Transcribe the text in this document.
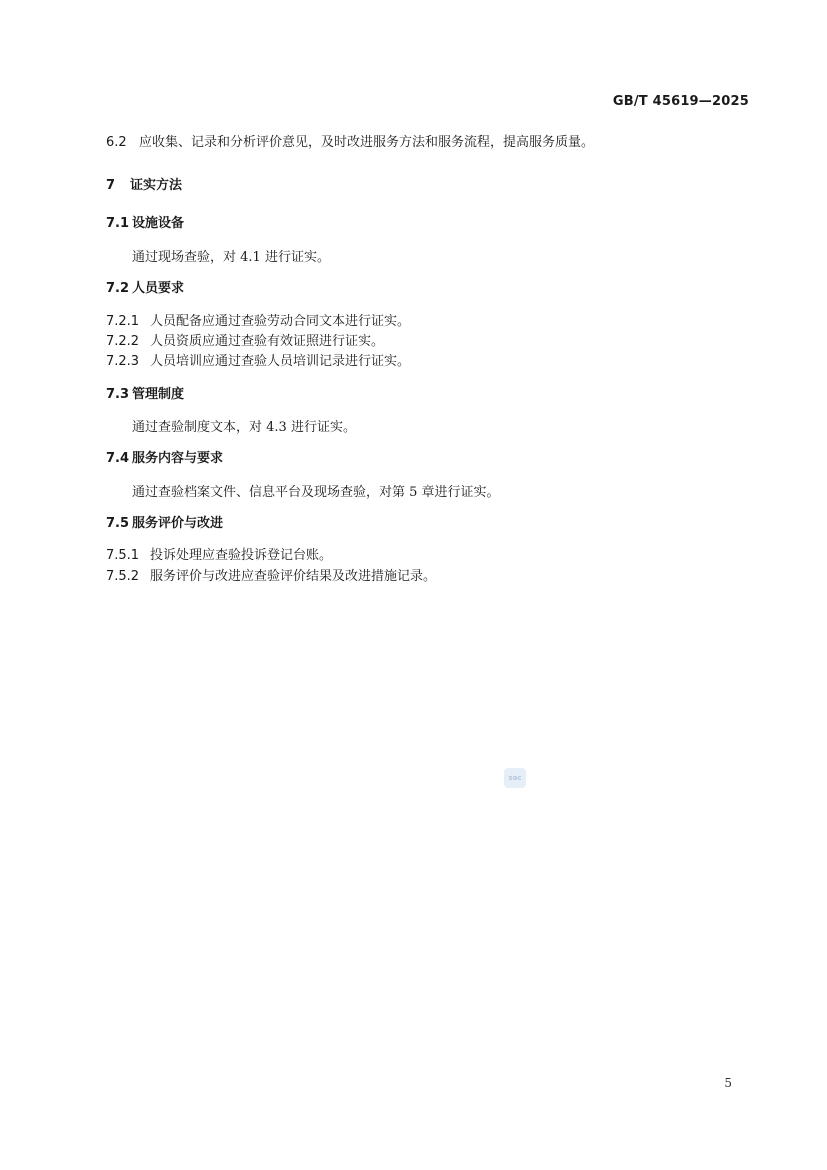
GB/T 45619—2025
6.2 应收集、记录和分析评价意见，及时改进服务方法和服务流程，提高服务质量。
7 证实方法
7.1 设施设备
通过现场查验，对 4.1 进行证实。
7.2 人员要求
7.2.1 人员配备应通过查验劳动合同文本进行证实。
7.2.2 人员资质应通过查验有效证照进行证实。
7.2.3 人员培训应通过查验人员培训记录进行证实。
7.3 管理制度
通过查验制度文本，对 4.3 进行证实。
7.4 服务内容与要求
通过查验档案文件、信息平台及现场查验，对第 5 章进行证实。
7.5 服务评价与改进
7.5.1 投诉处理应查验投诉登记台账。
7.5.2 服务评价与改进应查验评价结果及改进措施记录。
sac
5
